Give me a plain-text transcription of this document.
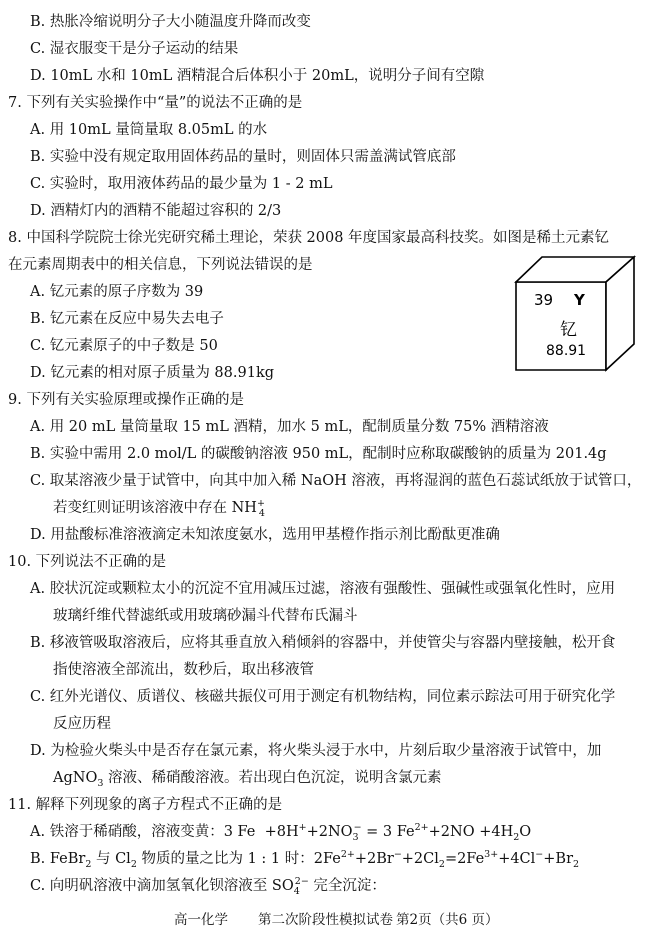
B. 热胀冷缩说明分子大小随温度升降而改变
C. 湿衣服变干是分子运动的结果
D. 10mL 水和 10mL 酒精混合后体积小于 20mL，说明分子间有空隙
7. 下列有关实验操作中“量”的说法不正确的是
A. 用 10mL 量筒量取 8.05mL 的水
B. 实验中没有规定取用固体药品的量时，则固体只需盖满试管底部
C. 实验时，取用液体药品的最少量为 1 - 2 mL
D. 酒精灯内的酒精不能超过容积的 2/3
8. 中国科学院院士徐光宪研究稀土理论，荣获 2008 年度国家最高科技奖。如图是稀土元素钇
在元素周期表中的相关信息，下列说法错误的是
A. 钇元素的原子序数为 39
B. 钇元素在反应中易失去电子
C. 钇元素原子的中子数是 50
D. 钇元素的相对原子质量为 88.91kg
39 Y
钇
88.91
9. 下列有关实验原理或操作正确的是
A. 用 20 mL 量筒量取 15 mL 酒精，加水 5 mL，配制质量分数 75% 酒精溶液
B. 实验中需用 2.0 mol/L 的碳酸钠溶液 950 mL，配制时应称取碳酸钠的质量为 201.4g
C. 取某溶液少量于试管中，向其中加入稀 NaOH 溶液，再将湿润的蓝色石蕊试纸放于试管口，
若变红则证明该溶液中存在 $NH^+_4$
D. 用盐酸标准溶液滴定未知浓度氨水，选用甲基橙作指示剂比酚酞更准确
10. 下列说法不正确的是
A. 胶状沉淀或颗粒太小的沉淀不宜用减压过滤，溶液有强酸性、强碱性或强氧化性时，应用
玻璃纤维代替滤纸或用玻璃砂漏斗代替布氏漏斗
B. 移液管吸取溶液后，应将其垂直放入稍倾斜的容器中，并使管尖与容器内壁接触，松开食
指使溶液全部流出，数秒后，取出移液管
C. 红外光谱仪、质谱仪、核磁共振仪可用于测定有机物结构，同位素示踪法可用于研究化学
反应历程
D. 为检验火柴头中是否存在氯元素，将火柴头浸于水中，片刻后取少量溶液于试管中，加
AgNO$_3$ 溶液、稀硝酸溶液。若出现白色沉淀，说明含氯元素
11. 解释下列现象的离子方程式不正确的是
A. 铁溶于稀硝酸，溶液变黄：3 $Fe +8H^++2NO_3^- = 3$ $Fe^{2+}+2NO +4H_2O$
B. FeBr$_2$ 与 $Cl_2$ 物质的量之比为 1 : 1 时：$2Fe^{2+}+2Br^-+2Cl_2=2Fe^{3+}+4Cl^-+Br_2$
C. 向明矾溶液中滴加氢氧化钡溶液至 $SO_4^{2-}$ 完全沉淀：
高一化学 第二次阶段性模拟试卷 第2页（共6 页）
